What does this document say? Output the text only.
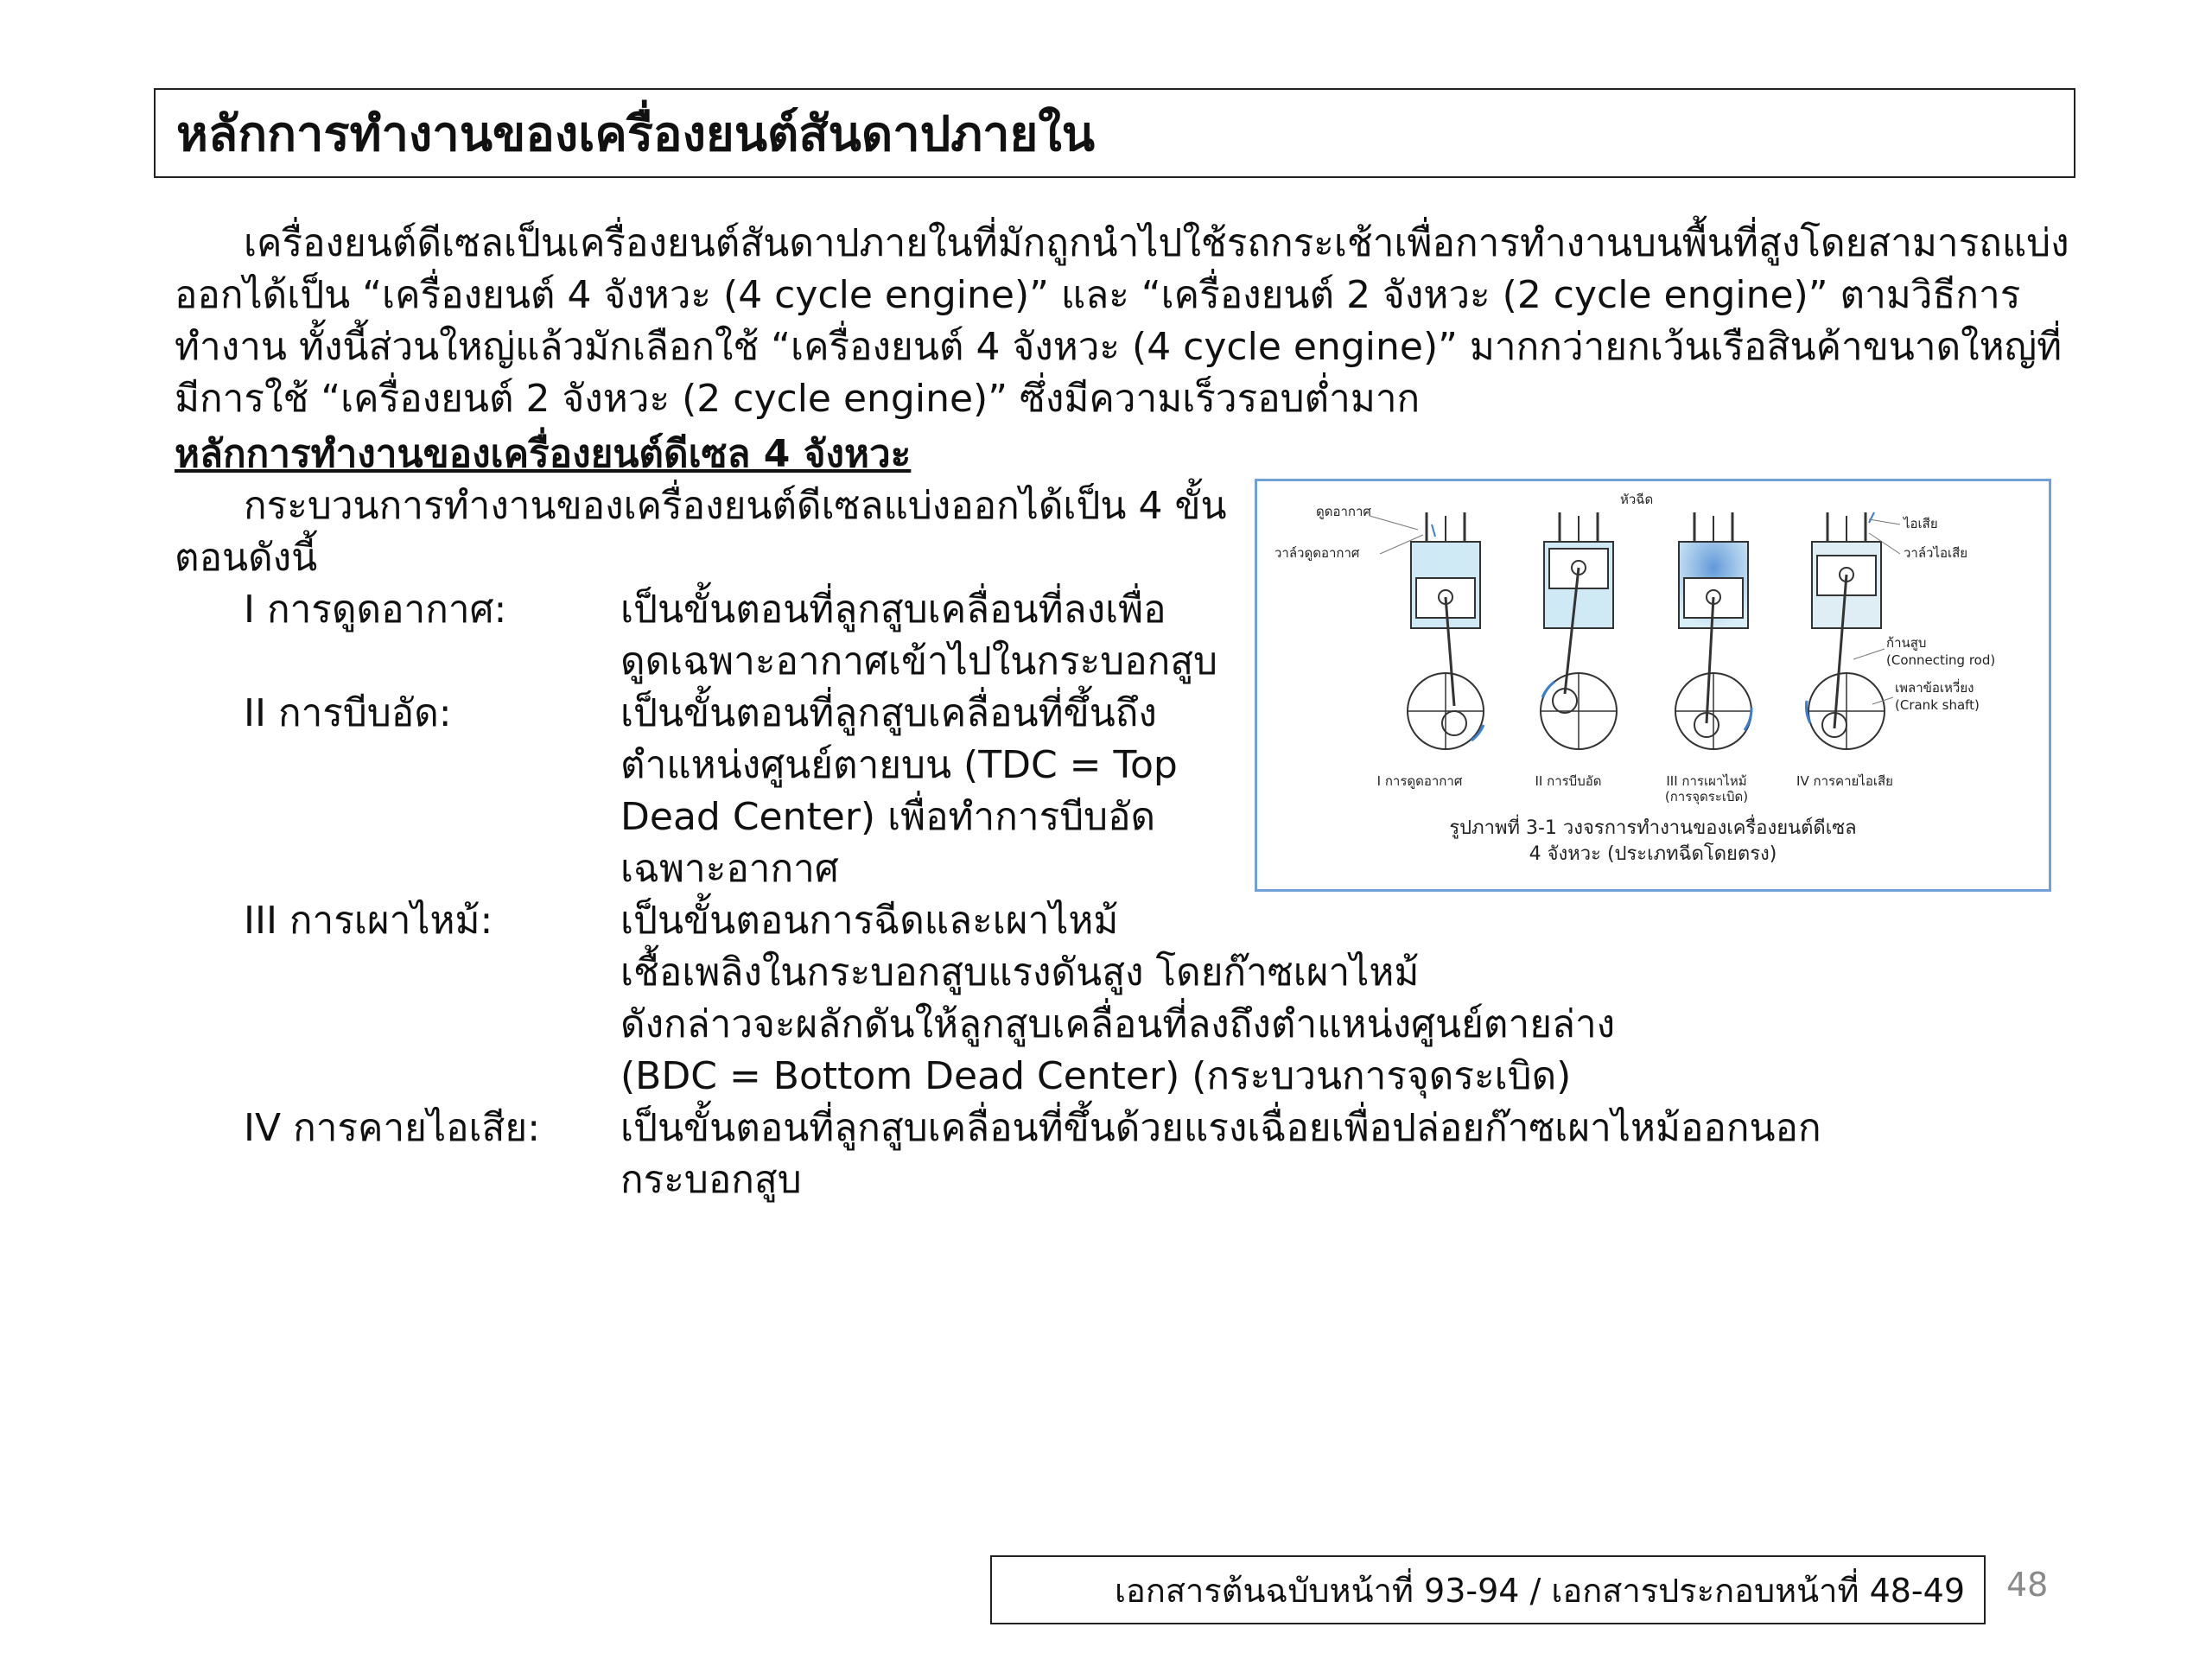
หลักการทำงานของเครื่องยนต์สันดาปภายใน

เครื่องยนต์ดีเซลเป็นเครื่องยนต์สันดาปภายในที่มักถูกนำไปใช้รถกระเช้าเพื่อการทำงานบนพื้นที่สูงโดยสามารถแบ่งออกได้เป็น “เครื่องยนต์ 4 จังหวะ (4 cycle engine)” และ “เครื่องยนต์ 2 จังหวะ (2 cycle engine)” ตามวิธีการทำงาน ทั้งนี้ส่วนใหญ่แล้วมักเลือกใช้ “เครื่องยนต์ 4 จังหวะ (4 cycle engine)” มากกว่ายกเว้นเรือสินค้าขนาดใหญ่ที่มีการใช้ “เครื่องยนต์ 2 จังหวะ (2 cycle engine)” ซึ่งมีความเร็วรอบต่ำมาก

หลักการทำงานของเครื่องยนต์ดีเซล 4 จังหวะ

กระบวนการทำงานของเครื่องยนต์ดีเซลแบ่งออกได้เป็น 4 ขั้นตอนดังนี้

I การดูดอากาศ:	เป็นขั้นตอนที่ลูกสูบเคลื่อนที่ลงเพื่อ
ดูดเฉพาะอากาศเข้าไปในกระบอกสูบ
II การบีบอัด:	เป็นขั้นตอนที่ลูกสูบเคลื่อนที่ขึ้นถึง
ตำแหน่งศูนย์ตายบน (TDC = Top
Dead Center) เพื่อทำการบีบอัด
เฉพาะอากาศ
III การเผาไหม้:	เป็นขั้นตอนการฉีดและเผาไหม้
เชื้อเพลิงในกระบอกสูบแรงดันสูง โดยก๊าซเผาไหม้
ดังกล่าวจะผลักดันให้ลูกสูบเคลื่อนที่ลงถึงตำแหน่งศูนย์ตายล่าง
(BDC = Bottom Dead Center) (กระบวนการจุดระเบิด)
IV การคายไอเสีย: เป็นขั้นตอนที่ลูกสูบเคลื่อนที่ขึ้นด้วยแรงเฉื่อยเพื่อปล่อยก๊าซเผาไหม้ออกนอก
กระบอกสูบ
ดูดอากาศ
วาล์วดูดอากาศ
หัวฉีด
ไอเสีย
วาล์วไอเสีย
ก้านสูบ
(Connecting rod)
เพลาข้อเหวี่ยง
(Crank shaft)
I การดูดอากาศ	II การบีบอัด	III การเผาไหม้
(การจุดระเบิด)
IV การคายไอเสีย
รูปภาพที่ 3-1 วงจรการทำงานของเครื่องยนต์ดีเซล
4 จังหวะ (ประเภทฉีดโดยตรง)
เอกสารต้นฉบับหน้าที่ 93-94 / เอกสารประกอบหน้าที่ 48-49 48
